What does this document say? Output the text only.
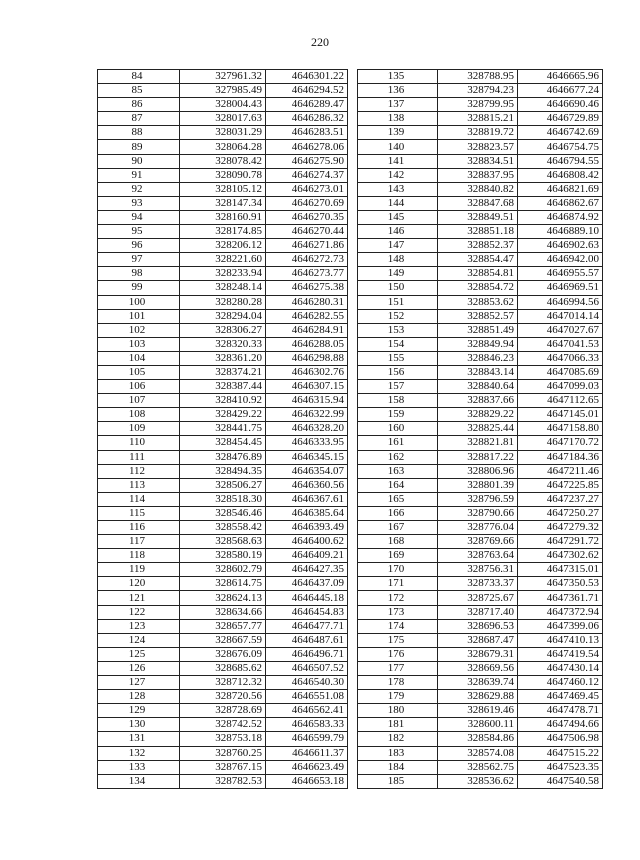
220
84	327961.32	4646301.22
85	327985.49	4646294.52
86	328004.43	4646289.47
87	328017.63	4646286.32
88	328031.29	4646283.51
89	328064.28	4646278.06
90	328078.42	4646275.90
91	328090.78	4646274.37
92	328105.12	4646273.01
93	328147.34	4646270.69
94	328160.91	4646270.35
95	328174.85	4646270.44
96	328206.12	4646271.86
97	328221.60	4646272.73
98	328233.94	4646273.77
99	328248.14	4646275.38
100	328280.28	4646280.31
101	328294.04	4646282.55
102	328306.27	4646284.91
103	328320.33	4646288.05
104	328361.20	4646298.88
105	328374.21	4646302.76
106	328387.44	4646307.15
107	328410.92	4646315.94
108	328429.22	4646322.99
109	328441.75	4646328.20
110	328454.45	4646333.95
111	328476.89	4646345.15
112	328494.35	4646354.07
113	328506.27	4646360.56
114	328518.30	4646367.61
115	328546.46	4646385.64
116	328558.42	4646393.49
117	328568.63	4646400.62
118	328580.19	4646409.21
119	328602.79	4646427.35
120	328614.75	4646437.09
121	328624.13	4646445.18
122	328634.66	4646454.83
123	328657.77	4646477.71
124	328667.59	4646487.61
125	328676.09	4646496.71
126	328685.62	4646507.52
127	328712.32	4646540.30
128	328720.56	4646551.08
129	328728.69	4646562.41
130	328742.52	4646583.33
131	328753.18	4646599.79
132	328760.25	4646611.37
133	328767.15	4646623.49
134	328782.53	4646653.18
135	328788.95	4646665.96
136	328794.23	4646677.24
137	328799.95	4646690.46
138	328815.21	4646729.89
139	328819.72	4646742.69
140	328823.57	4646754.75
141	328834.51	4646794.55
142	328837.95	4646808.42
143	328840.82	4646821.69
144	328847.68	4646862.67
145	328849.51	4646874.92
146	328851.18	4646889.10
147	328852.37	4646902.63
148	328854.47	4646942.00
149	328854.81	4646955.57
150	328854.72	4646969.51
151	328853.62	4646994.56
152	328852.57	4647014.14
153	328851.49	4647027.67
154	328849.94	4647041.53
155	328846.23	4647066.33
156	328843.14	4647085.69
157	328840.64	4647099.03
158	328837.66	4647112.65
159	328829.22	4647145.01
160	328825.44	4647158.80
161	328821.81	4647170.72
162	328817.22	4647184.36
163	328806.96	4647211.46
164	328801.39	4647225.85
165	328796.59	4647237.27
166	328790.66	4647250.27
167	328776.04	4647279.32
168	328769.66	4647291.72
169	328763.64	4647302.62
170	328756.31	4647315.01
171	328733.37	4647350.53
172	328725.67	4647361.71
173	328717.40	4647372.94
174	328696.53	4647399.06
175	328687.47	4647410.13
176	328679.31	4647419.54
177	328669.56	4647430.14
178	328639.74	4647460.12
179	328629.88	4647469.45
180	328619.46	4647478.71
181	328600.11	4647494.66
182	328584.86	4647506.98
183	328574.08	4647515.22
184	328562.75	4647523.35
185	328536.62	4647540.58
